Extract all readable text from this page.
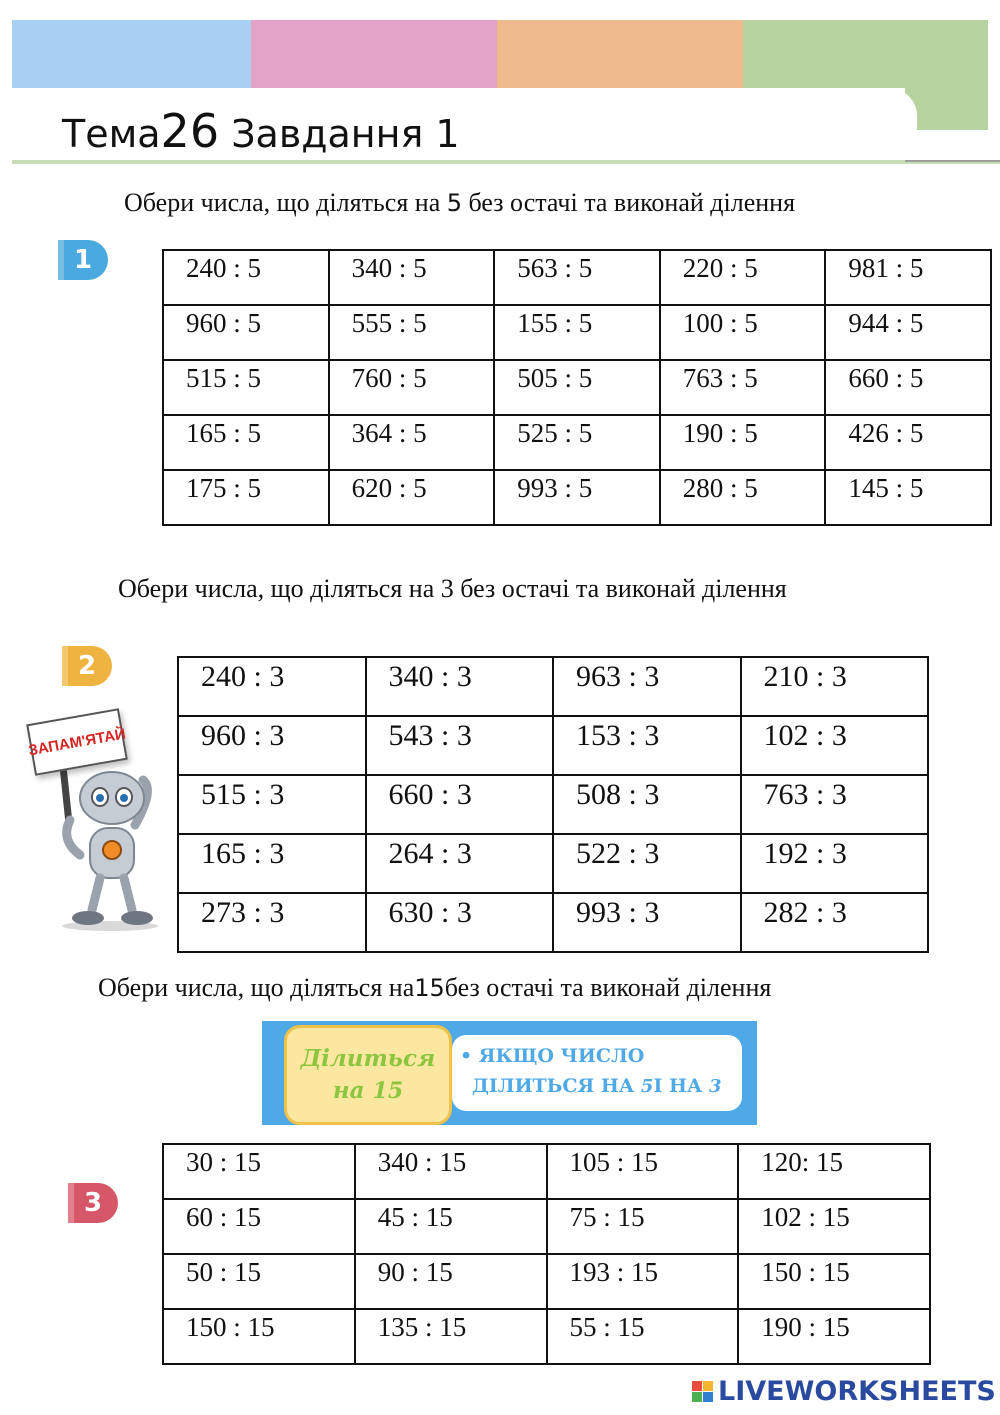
Тема26 Завдання 1
Обери числа, що діляться на 5 без остачі та виконай ділення
1	240 : 5	340 : 5	563 : 5	220 : 5	981 : 5
960 : 5	555 : 5	155 : 5	100 : 5	944 : 5
515 : 5	760 : 5	505 : 5	763 : 5	660 : 5
165 : 5	364 : 5	525 : 5	190 : 5	426 : 5
175 : 5	620 : 5	993 : 5	280 : 5	145 : 5
Обери числа, що діляться на 3 без остачі та виконай ділення
2	240 : 3	340 : 3	963 : 3	210 : 3
960 : 3	543 : 3	153 : 3	102 : 3
515 : 3	660 : 3	508 : 3	763 : 3
165 : 3	264 : 3	522 : 3	192 : 3
273 : 3	630 : 3	993 : 3	282 : 3
ЗАПАМ'ЯТАЙ
Обери числа, що діляться на15без остачі та виконай ділення
Ділиться
на 15
• ЯКЩО ЧИСЛО
ДІЛИТЬСЯ НА 5І НА 3
3
30 : 15	340 : 15	105 : 15	120: 15
60 : 15	45 : 15	75 : 15	102 : 15
50 : 15	90 : 15	193 : 15	150 : 15
150 : 15	135 : 15	55 : 15	190 : 15
LIVEWORKSHEETS
